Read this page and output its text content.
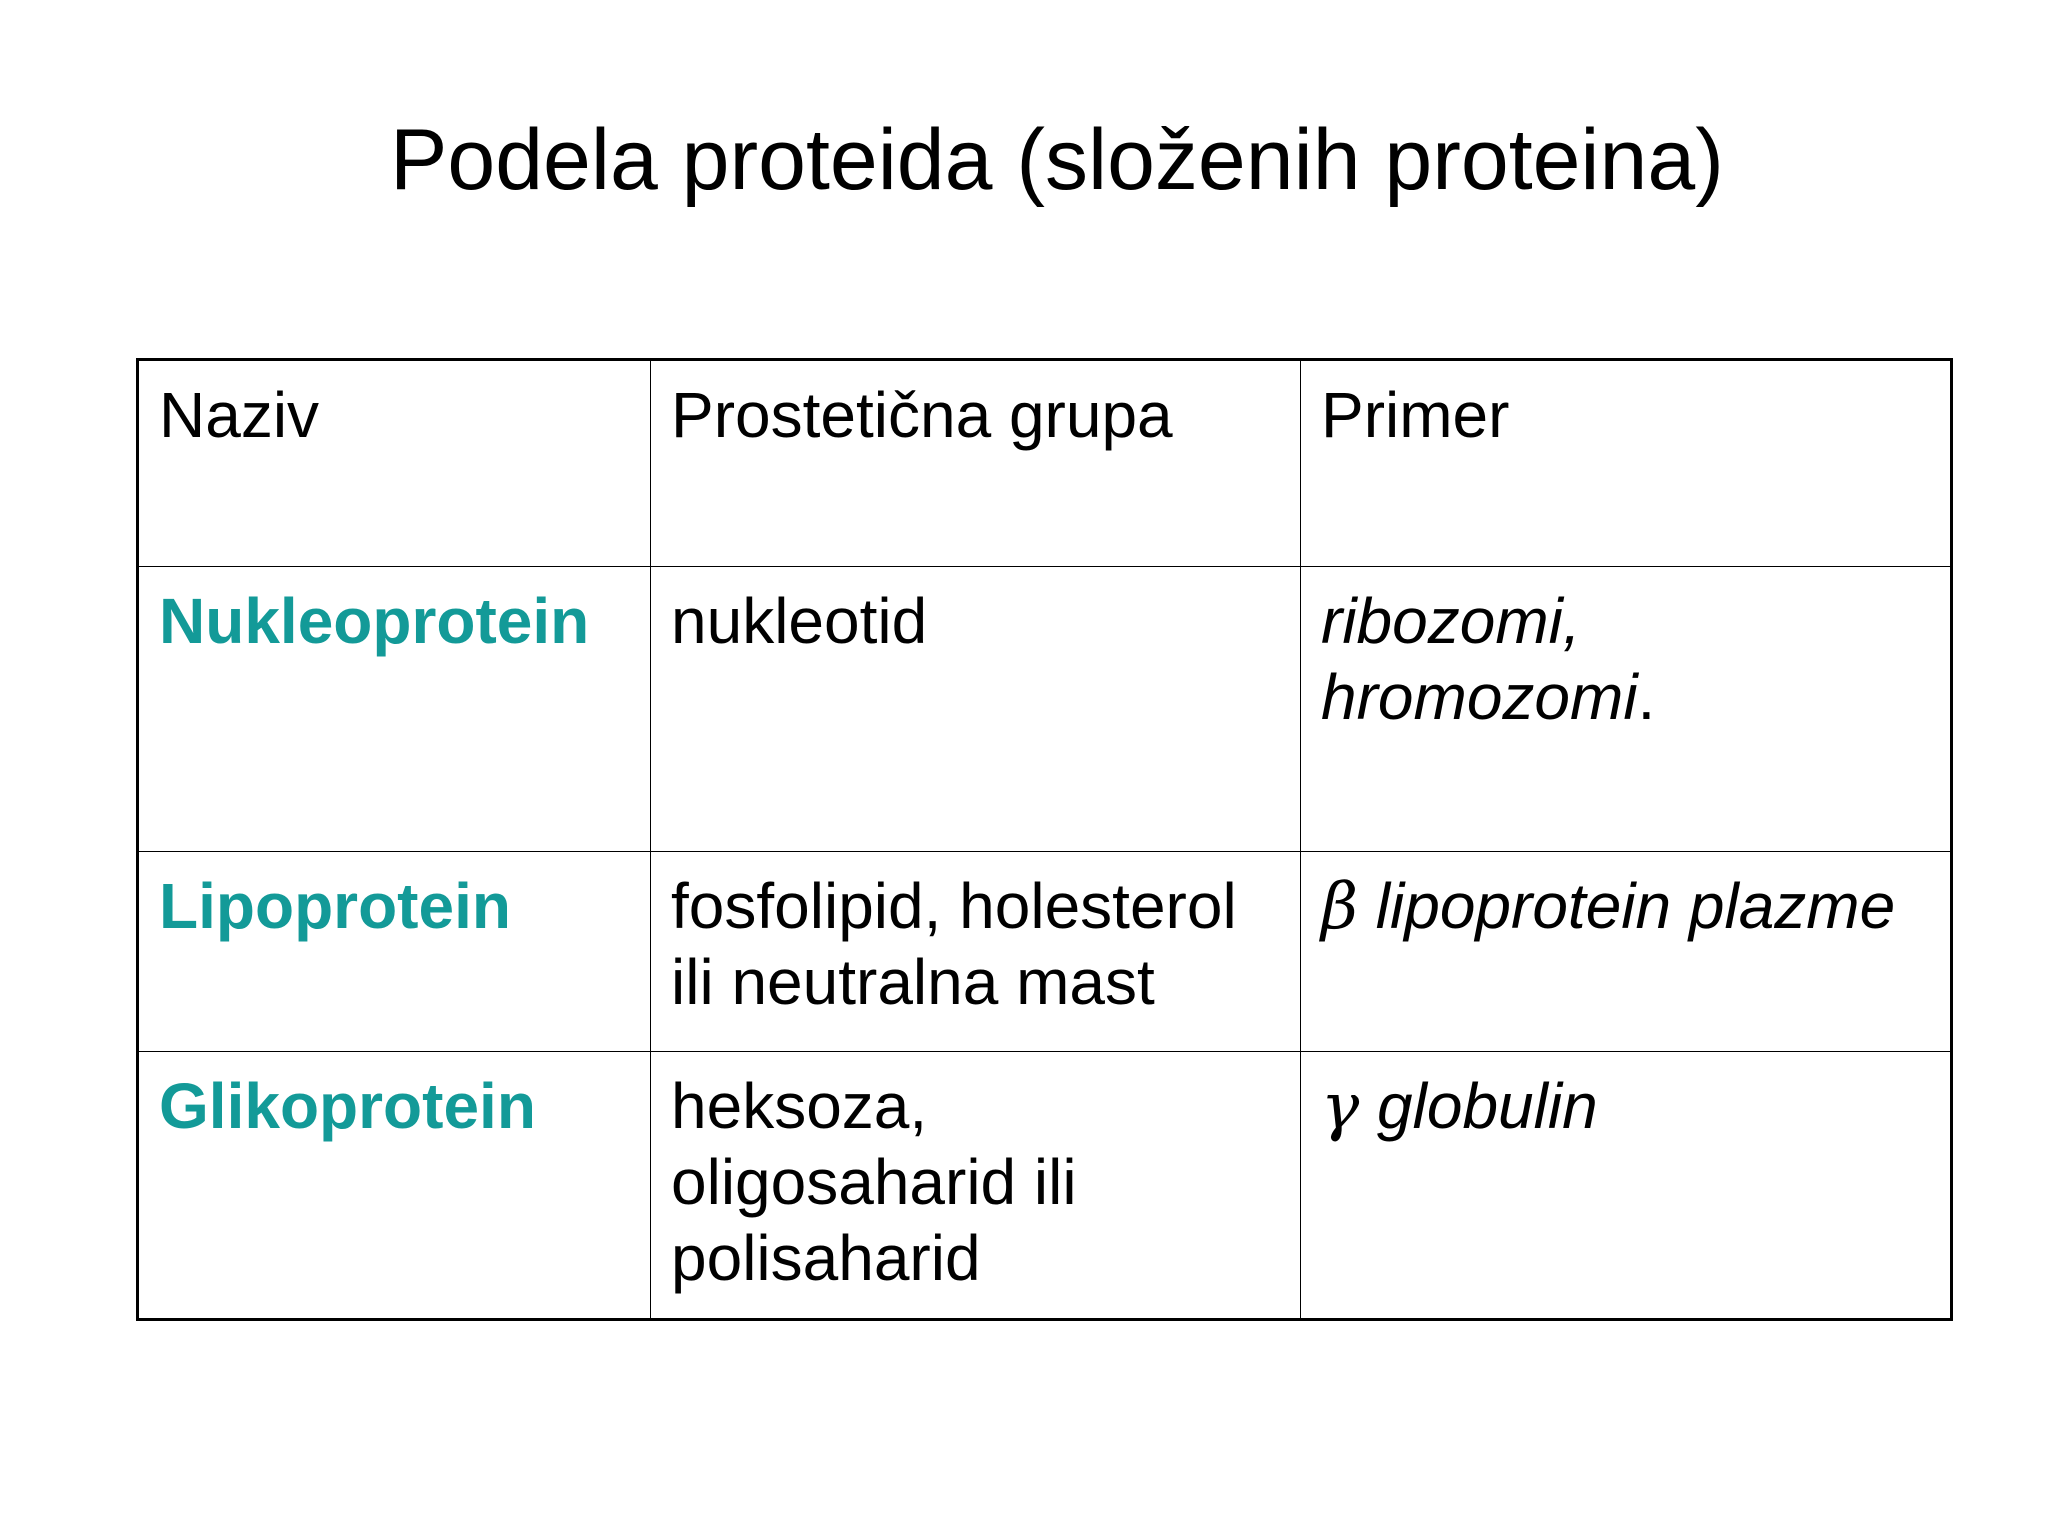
Podela proteida (složenih proteina)
Naziv	Prostetična grupa	Primer
Nukleoprotein	nukleotid	ribozomi,
hromozomi.
Lipoprotein	fosfolipid, holesterol ili neutralna mast	β lipoprotein plazme
Glikoprotein	heksoza, oligosaharid ili polisaharid	γ globulin
